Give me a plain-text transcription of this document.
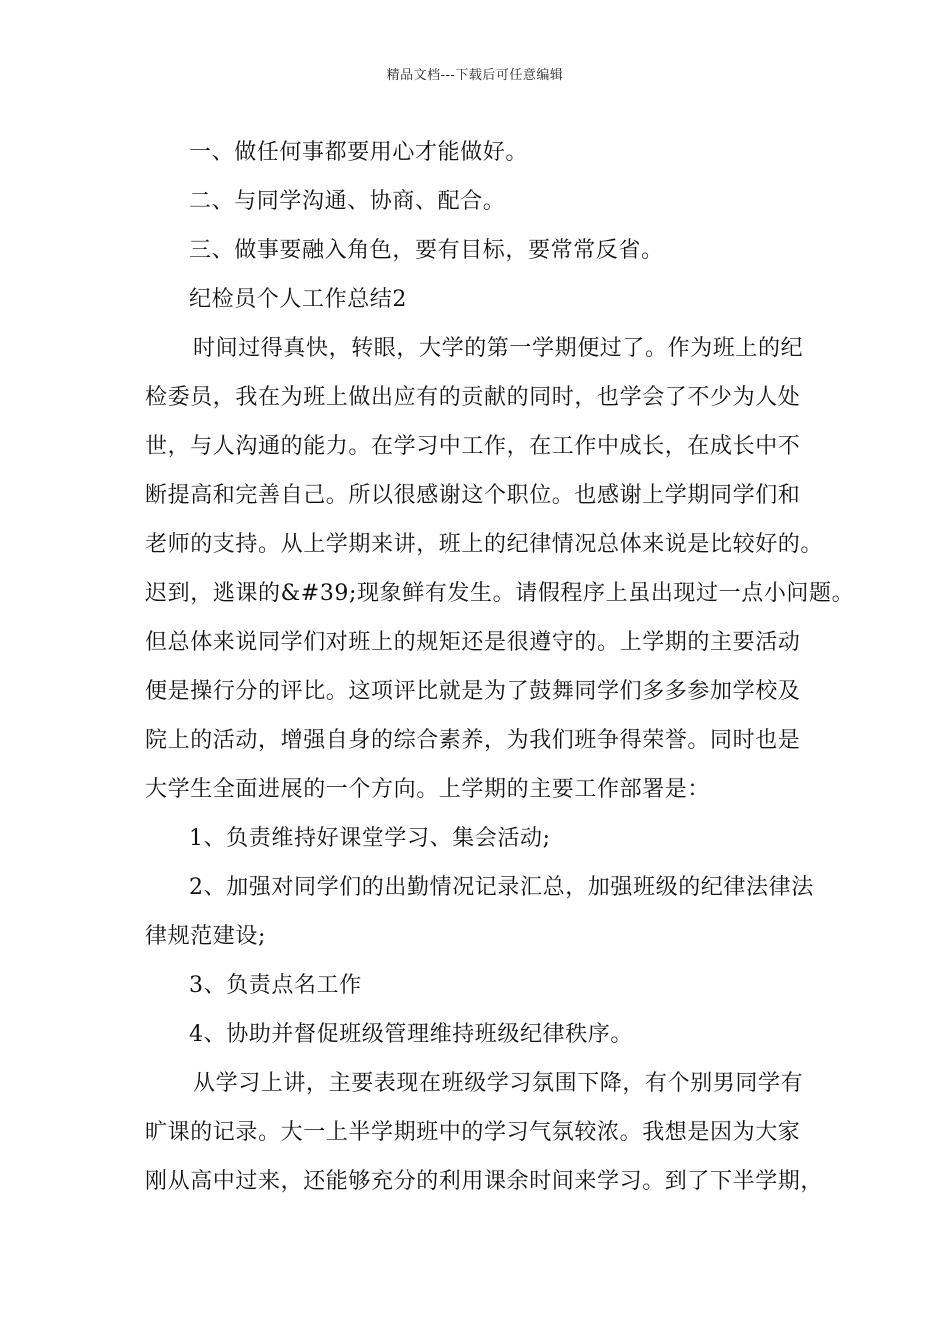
精品文档---下载后可任意编辑
一、做任何事都要用心才能做好。
二、与同学沟通、协商、配合。
三、做事要融入角色，要有目标，要常常反省。
纪检员个人工作总结2
时间过得真快，转眼，大学的第一学期便过了。作为班上的纪
检委员，我在为班上做出应有的贡献的同时，也学会了不少为人处
世，与人沟通的能力。在学习中工作，在工作中成长，在成长中不
断提高和完善自己。所以很感谢这个职位。也感谢上学期同学们和
老师的支持。从上学期来讲，班上的纪律情况总体来说是比较好的。
迟到，逃课的&#39;现象鲜有发生。请假程序上虽出现过一点小问题。
但总体来说同学们对班上的规矩还是很遵守的。上学期的主要活动
便是操行分的评比。这项评比就是为了鼓舞同学们多多参加学校及
院上的活动，增强自身的综合素养，为我们班争得荣誉。同时也是
大学生全面进展的一个方向。上学期的主要工作部署是：
1、负责维持好课堂学习、集会活动;
2、加强对同学们的出勤情况记录汇总，加强班级的纪律法律法
律规范建设;
3、负责点名工作
4、协助并督促班级管理维持班级纪律秩序。
从学习上讲，主要表现在班级学习氛围下降，有个别男同学有
旷课的记录。大一上半学期班中的学习气氛较浓。我想是因为大家
刚从高中过来，还能够充分的利用课余时间来学习。到了下半学期，
